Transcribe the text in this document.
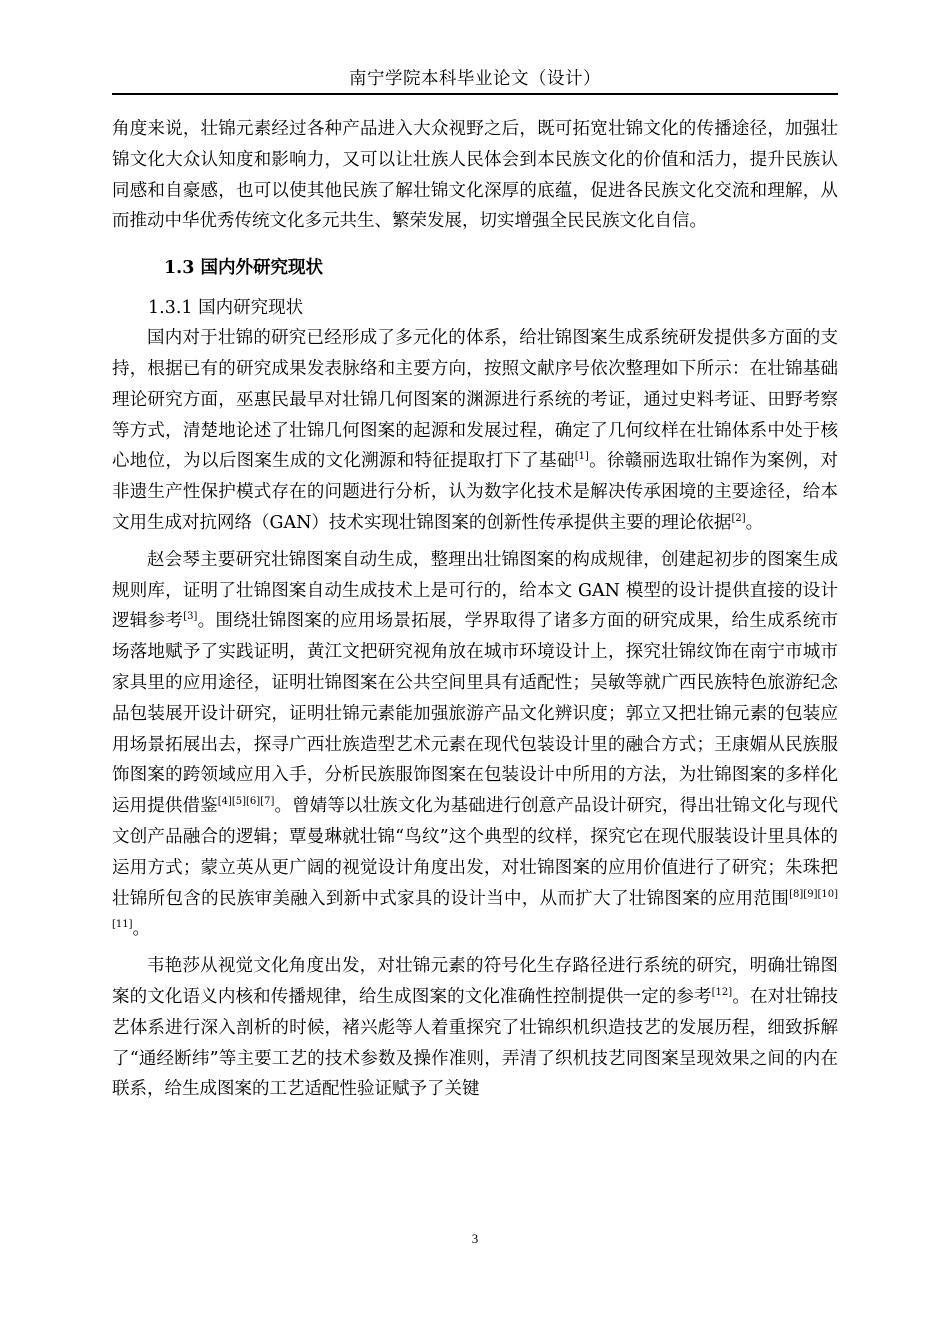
南宁学院本科毕业论文（设计）

角度来说，壮锦元素经过各种产品进入大众视野之后，既可拓宽壮锦文化的传播途径，加强壮锦文化大众认知度和影响力，又可以让壮族人民体会到本民族文化的价值和活力，提升民族认同感和自豪感，也可以使其他民族了解壮锦文化深厚的底蕴，促进各民族文化交流和理解，从而推动中华优秀传统文化多元共生、繁荣发展，切实增强全民民族文化自信。

1.3 国内外研究现状
1.3.1 国内研究现状

国内对于壮锦的研究已经形成了多元化的体系，给壮锦图案生成系统研发提供多方面的支持，根据已有的研究成果发表脉络和主要方向，按照文献序号依次整理如下所示：在壮锦基础理论研究方面，巫惠民最早对壮锦几何图案的渊源进行系统的考证，通过史料考证、田野考察等方式，清楚地论述了壮锦几何图案的起源和发展过程，确定了几何纹样在壮锦体系中处于核心地位，为以后图案生成的文化溯源和特征提取打下了基础[1]。徐赣丽选取壮锦作为案例，对非遗生产性保护模式存在的问题进行分析，认为数字化技术是解决传承困境的主要途径，给本文用生成对抗网络（GAN）技术实现壮锦图案的创新性传承提供主要的理论依据[2]。

赵会琴主要研究壮锦图案自动生成，整理出壮锦图案的构成规律，创建起初步的图案生成规则库，证明了壮锦图案自动生成技术上是可行的，给本文 GAN 模型的设计提供直接的设计逻辑参考[3]。围绕壮锦图案的应用场景拓展，学界取得了诸多方面的研究成果，给生成系统市场落地赋予了实践证明，黄江文把研究视角放在城市环境设计上，探究壮锦纹饰在南宁市城市家具里的应用途径，证明壮锦图案在公共空间里具有适配性；吴敏等就广西民族特色旅游纪念品包装展开设计研究，证明壮锦元素能加强旅游产品文化辨识度；郭立又把壮锦元素的包装应用场景拓展出去，探寻广西壮族造型艺术元素在现代包装设计里的融合方式；王康媚从民族服饰图案的跨领域应用入手，分析民族服饰图案在包装设计中所用的方法，为壮锦图案的多样化运用提供借鉴[4][5][6][7]。曾婧等以壮族文化为基础进行创意产品设计研究，得出壮锦文化与现代文创产品融合的逻辑；覃曼琳就壮锦“鸟纹”这个典型的纹样，探究它在现代服装设计里具体的运用方式；蒙立英从更广阔的视觉设计角度出发，对壮锦图案的应用价值进行了研究；朱珠把壮锦所包含的民族审美融入到新中式家具的设计当中，从而扩大了壮锦图案的应用范围[8][9][10][11]。

韦艳莎从视觉文化角度出发，对壮锦元素的符号化生存路径进行系统的研究，明确壮锦图案的文化语义内核和传播规律，给生成图案的文化准确性控制提供一定的参考[12]。在对壮锦技艺体系进行深入剖析的时候，褚兴彪等人着重探究了壮锦织机织造技艺的发展历程，细致拆解了“通经断纬”等主要工艺的技术参数及操作准则，弄清了织机技艺同图案呈现效果之间的内在联系，给生成图案的工艺适配性验证赋予了关键

3
